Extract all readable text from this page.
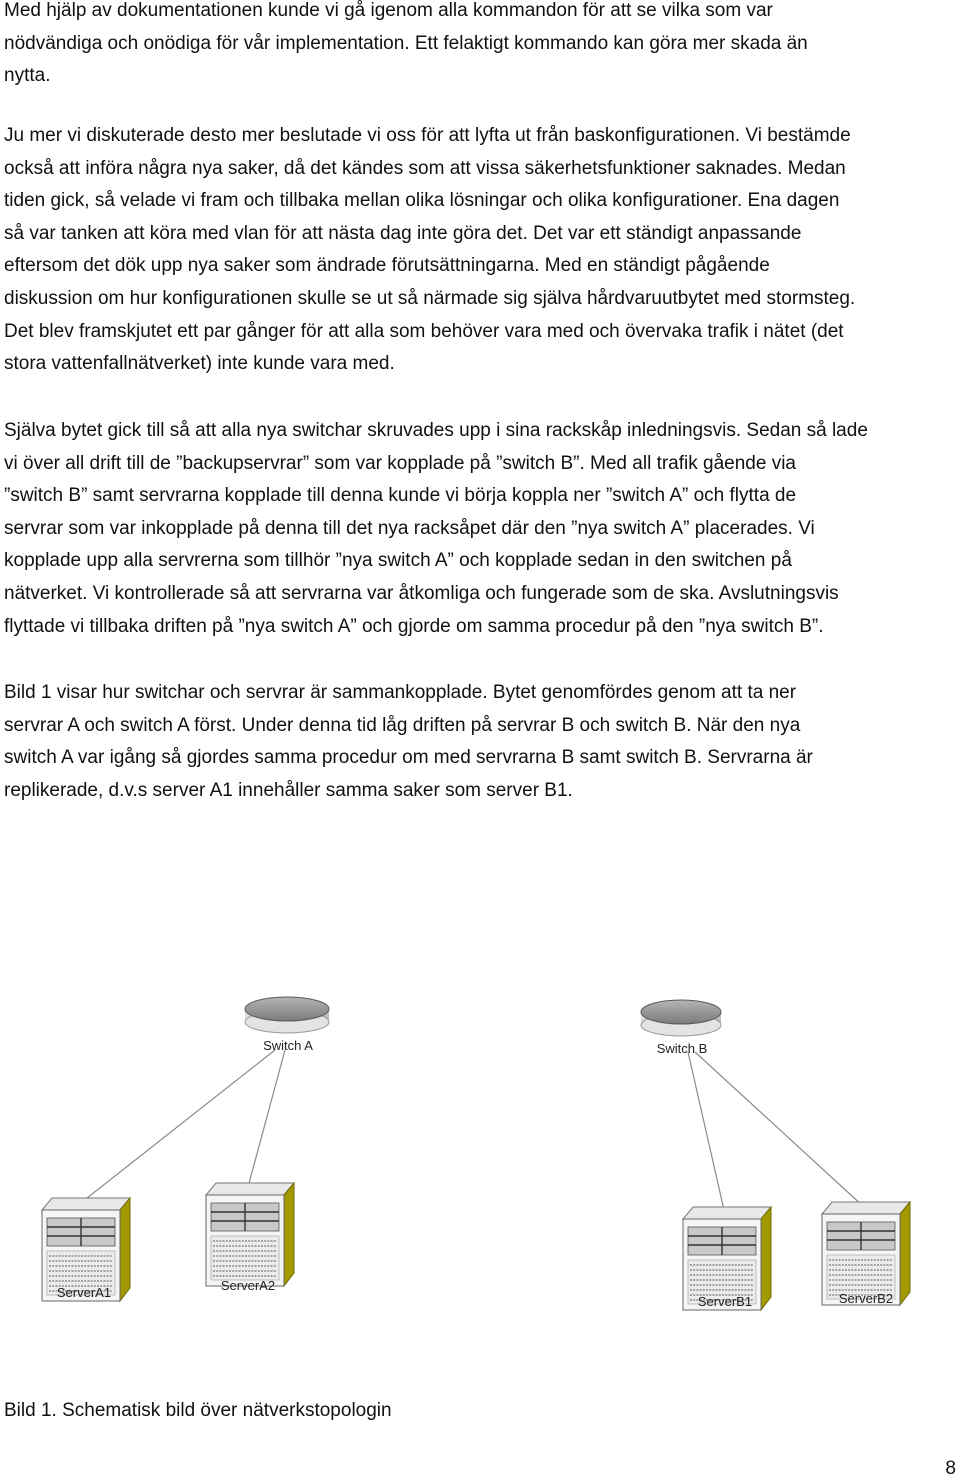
Med hjälp av dokumentationen kunde vi gå igenom alla kommandon för att se vilka som var
nödvändiga och onödiga för vår implementation. Ett felaktigt kommando kan göra mer skada än
nytta.

Ju mer vi diskuterade desto mer beslutade vi oss för att lyfta ut från baskonfigurationen. Vi bestämde
också att införa några nya saker, då det kändes som att vissa säkerhetsfunktioner saknades. Medan
tiden gick, så velade vi fram och tillbaka mellan olika lösningar och olika konfigurationer. Ena dagen
så var tanken att köra med vlan för att nästa dag inte göra det. Det var ett ständigt anpassande
eftersom det dök upp nya saker som ändrade förutsättningarna. Med en ständigt pågående
diskussion om hur konfigurationen skulle se ut så närmade sig själva hårdvaruutbytet med stormsteg.
Det blev framskjutet ett par gånger för att alla som behöver vara med och övervaka trafik i nätet (det
stora vattenfallnätverket) inte kunde vara med.

Själva bytet gick till så att alla nya switchar skruvades upp i sina rackskåp inledningsvis. Sedan så lade
vi över all drift till de ”backupservrar” som var kopplade på ”switch B”. Med all trafik gående via
”switch B” samt servrarna kopplade till denna kunde vi börja koppla ner ”switch A” och flytta de
servrar som var inkopplade på denna till det nya racksåpet där den ”nya switch A” placerades. Vi
kopplade upp alla servrerna som tillhör ”nya switch A” och kopplade sedan in den switchen på
nätverket. Vi kontrollerade så att servrarna var åtkomliga och fungerade som de ska. Avslutningsvis
flyttade vi tillbaka driften på ”nya switch A” och gjorde om samma procedur på den ”nya switch B”.

Bild 1 visar hur switchar och servrar är sammankopplade. Bytet genomfördes genom att ta ner
servrar A och switch A först. Under denna tid låg driften på servrar B och switch B. När den nya
switch A var igång så gjordes samma procedur om med servrarna B samt switch B. Servrarna är
replikerade, d.v.s server A1 innehåller samma saker som server B1.

Switch A	Switch B
ServerA1	ServerA2
ServerB1	ServerB2

Bild 1. Schematisk bild över nätverkstopologin

8
